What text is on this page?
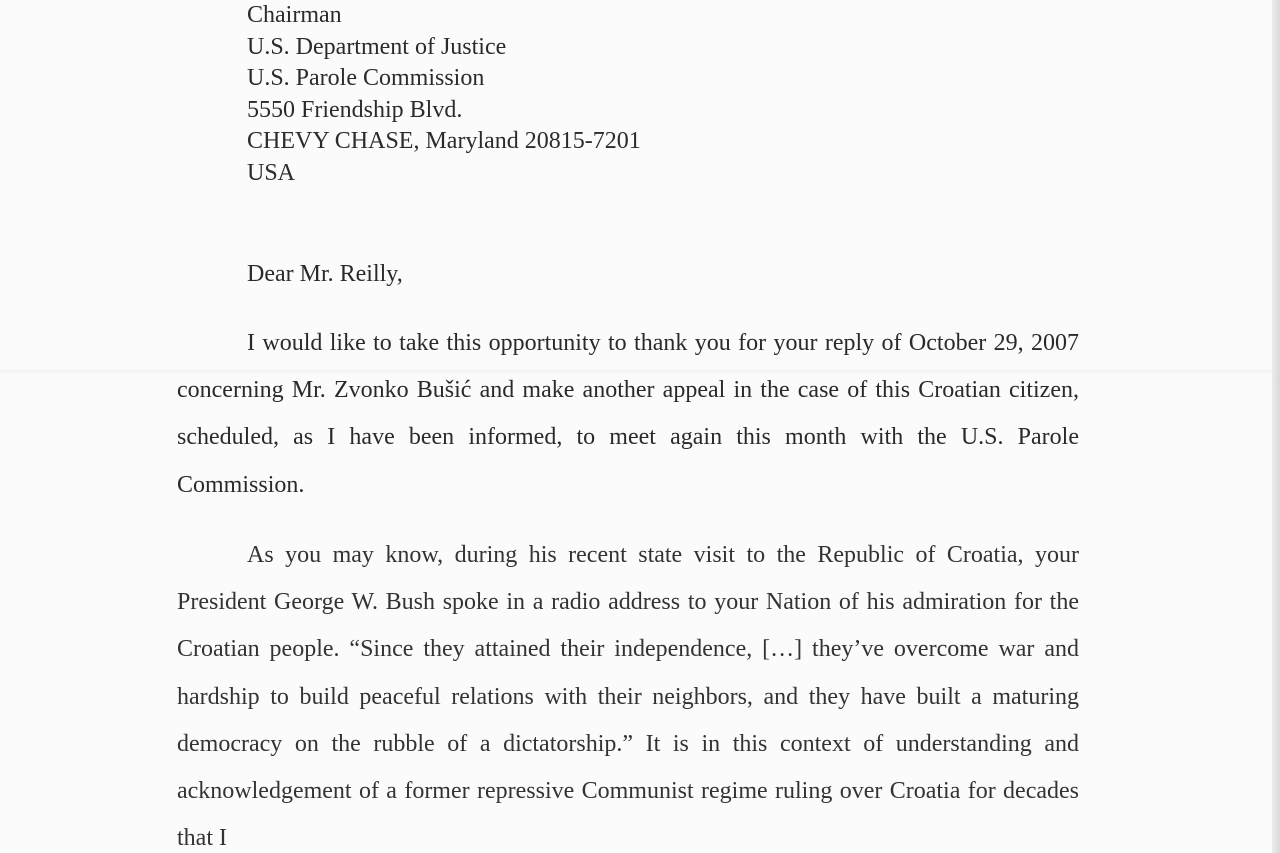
Chairman
U.S. Department of Justice
U.S. Parole Commission
5550 Friendship Blvd.
CHEVY CHASE, Maryland 20815-7201
USA
Dear Mr. Reilly,

I would like to take this opportunity to thank you for your reply of October 29, 2007 concerning Mr. Zvonko Bušić and make another appeal in the case of this Croatian citizen, scheduled, as I have been informed, to meet again this month with the U.S. Parole Commission.

As you may know, during his recent state visit to the Republic of Croatia, your President George W. Bush spoke in a radio address to your Nation of his admiration for the Croatian people. “Since they attained their independence, […] they’ve overcome war and hardship to build peaceful relations with their neighbors, and they have built a maturing democracy on the rubble of a dictatorship.” It is in this context of understanding and acknowledgement of a former repressive Communist regime ruling over Croatia for decades that I
